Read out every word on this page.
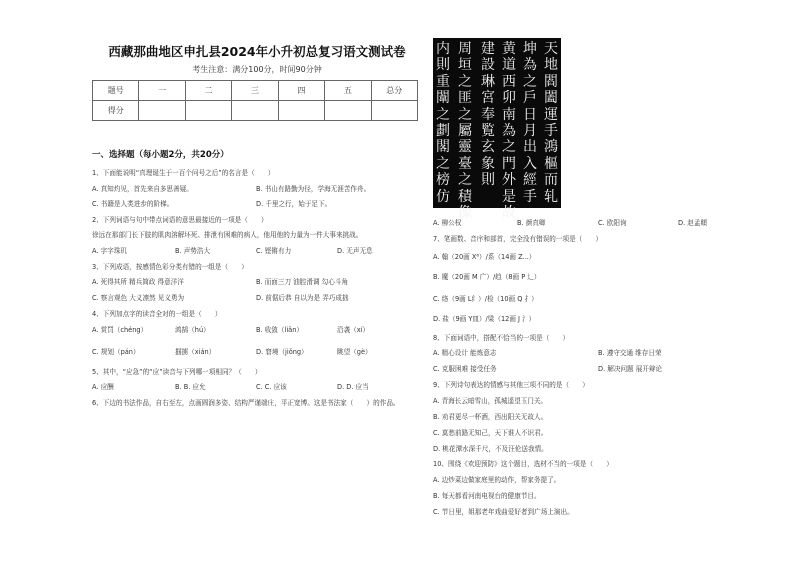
西藏那曲地区申扎县2024年小升初总复习语文测试卷
考生注意：满分100分，时间90分钟
题号	一	二	三	四	五	总分
得分						
一、选择题（每小题2分，共20分）
1、下面能说明“真理诞生于一百个问号之后”的名言是（　　）
A. 真知灼见，首先来自多思善疑。	B. 书山有路勤为径，学海无涯苦作舟。
C. 书籍是人类进步的阶梯。	D. 千里之行，始于足下。
2、下列词语与句中带点词语的意思最接近的一项是（　　）
徐远在那部门长下肢的肌肉溶解坏死、排泄有困难的病人，他用他的力量为一件大事来挑战。
A. 字字珠玑	B. 声势浩大	C. 铿锵有力	D. 无声无息
3、下列成语，按感情色彩分类有错的一组是（　　）
A. 死得其所 精兵简政 得意洋洋	B. 而面三刀 油腔滑调 勾心斗角
C. 察言观色 大义凛然 见义勇为	D. 前倨后恭 自以为是 弄巧成拙
4、下列加点字的读音全对的一组是（　　）
A. 赏罚（chéng）	鸿鹄（hú）	B. 收敛（liǎn）	沿袭（xí）
C. 规划（pán）	掴掳（xián）	D. 窘境（jiǒng）	眺望（ɡè）
5、其中，“应急”的“应”读音与下列哪一项相同？（　　）
A. 应酬	B. B. 应允	C. C. 应该	D. D. 应当
6、下边的书法作品，自右至左，点画圆润多姿、结构严谨端庄，平正宽博。这是书法家（　　）的作品。
天地閻闔運手鴻樞而轧
坤為之戶日月出入經手
黄道西卯南為之門外是故
建設琳宮奉覧玄象則
周垣之匪之屬靈臺之積像
内則重闈之劃閣之榜仿
A. 柳公权	B. 颜真卿	C. 欧阳询	D. 赵孟頫
7、笔画数、音序和部首，完全没有错误的一项是（　　）
A. 翰（20画 X⁶）/系（14画 Z...）
B. 魔（20画 M 广）/趋（8画 P 辶）
C. 络（9画 L纟）/检（10画 Q 扌）
D. 盐（9画 Y皿）/梁（12画 J 氵）
8、下面词语中，搭配不恰当的一项是（　　）
A. 精心设计 能炼意志	B. 遵守交通 维存日荣
C. 克服困难 接受任务	D. 解决问题 展开辩论
9、下列诗句表达的情感与其他三项不同的是（　　）
A. 青海长云暗雪山，孤城遥望玉门关。
B. 劝君更尽一杯酒，西出阳关无故人。
C. 莫愁前路无知己，天下谁人不识君。
D. 桃花潭水深千尺，不及汪伦送我情。
10、围绕《欢迎预防》这个题目，选材不当的一项是（　　）
A. 边炒菜边做家庭里的动作，帮家务提了。
B. 每天都看河南电视台的健康节目。
C. 节日里，姐那老年戏曲爱好者到广场上演出。
